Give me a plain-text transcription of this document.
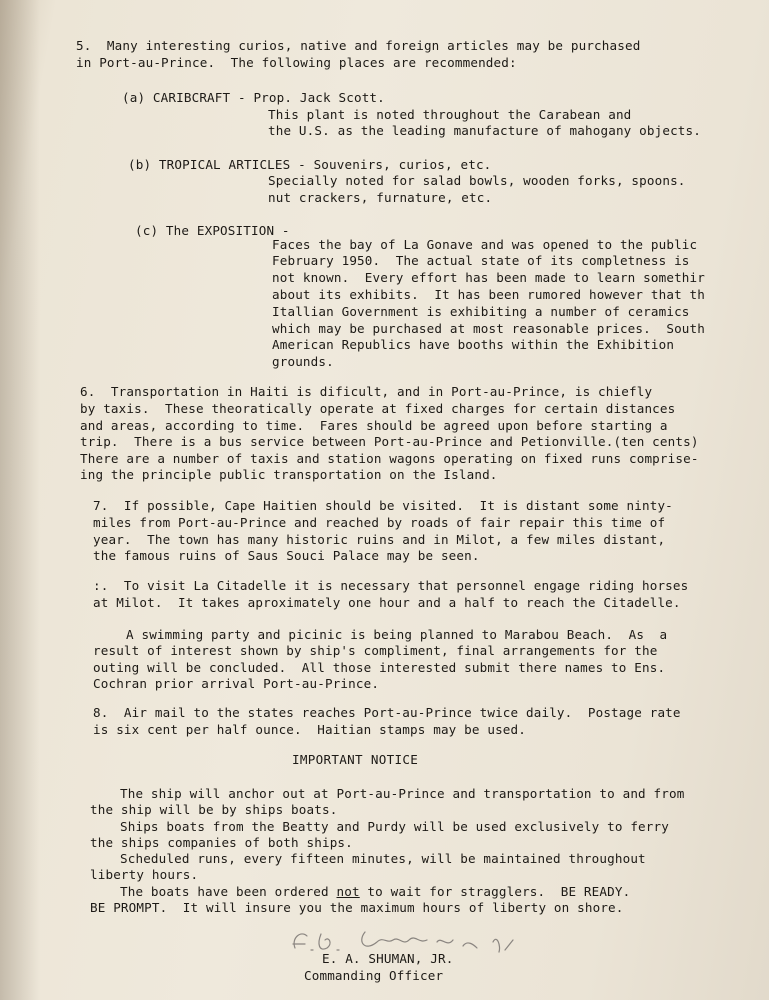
5.  Many interesting curios, native and foreign articles may be purchased
in Port-au-Prince.  The following places are recommended:
(a) CARIBCRAFT - Prop. Jack Scott.
This plant is noted throughout the Carabean and
the U.S. as the leading manufacture of mahogany objects.
(b) TROPICAL ARTICLES - Souvenirs, curios, etc.
Specially noted for salad bowls, wooden forks, spoons.
nut crackers, furnature, etc.
(c) The EXPOSITION -
Faces the bay of La Gonave and was opened to the public
February 1950.  The actual state of its completness is
not known.  Every effort has been made to learn somethir
about its exhibits.  It has been rumored however that th
Itallian Government is exhibiting a number of ceramics
which may be purchased at most reasonable prices.  South
American Republics have booths within the Exhibition
grounds.
6.  Transportation in Haiti is dificult, and in Port-au-Prince, is chiefly
by taxis.  These theoratically operate at fixed charges for certain distances
and areas, according to time.  Fares should be agreed upon before starting a
trip.  There is a bus service between Port-au-Prince and Petionville.(ten cents)
There are a number of taxis and station wagons operating on fixed runs comprise-
ing the principle public transportation on the Island.
7.  If possible, Cape Haitien should be visited.  It is distant some ninty-
miles from Port-au-Prince and reached by roads of fair repair this time of
year.  The town has many historic ruins and in Milot, a few miles distant,
the famous ruins of Saus Souci Palace may be seen.
:.  To visit La Citadelle it is necessary that personnel engage riding horses
at Milot.  It takes aproximately one hour and a half to reach the Citadelle.
A swimming party and picinic is being planned to Marabou Beach.  As  a
result of interest shown by ship's compliment, final arrangements for the
outing will be concluded.  All those interested submit there names to Ens.
Cochran prior arrival Port-au-Prince.
8.  Air mail to the states reaches Port-au-Prince twice daily.  Postage rate
is six cent per half ounce.  Haitian stamps may be used.
IMPORTANT NOTICE
The ship will anchor out at Port-au-Prince and transportation to and from
the ship will be by ships boats.
Ships boats from the Beatty and Purdy will be used exclusively to ferry
the ships companies of both ships.
Scheduled runs, every fifteen minutes, will be maintained throughout
liberty hours.
The boats have been ordered not to wait for stragglers.  BE READY.
BE PROMPT.  It will insure you the maximum hours of liberty on shore.
E. A. SHUMAN, JR.
Commanding Officer
